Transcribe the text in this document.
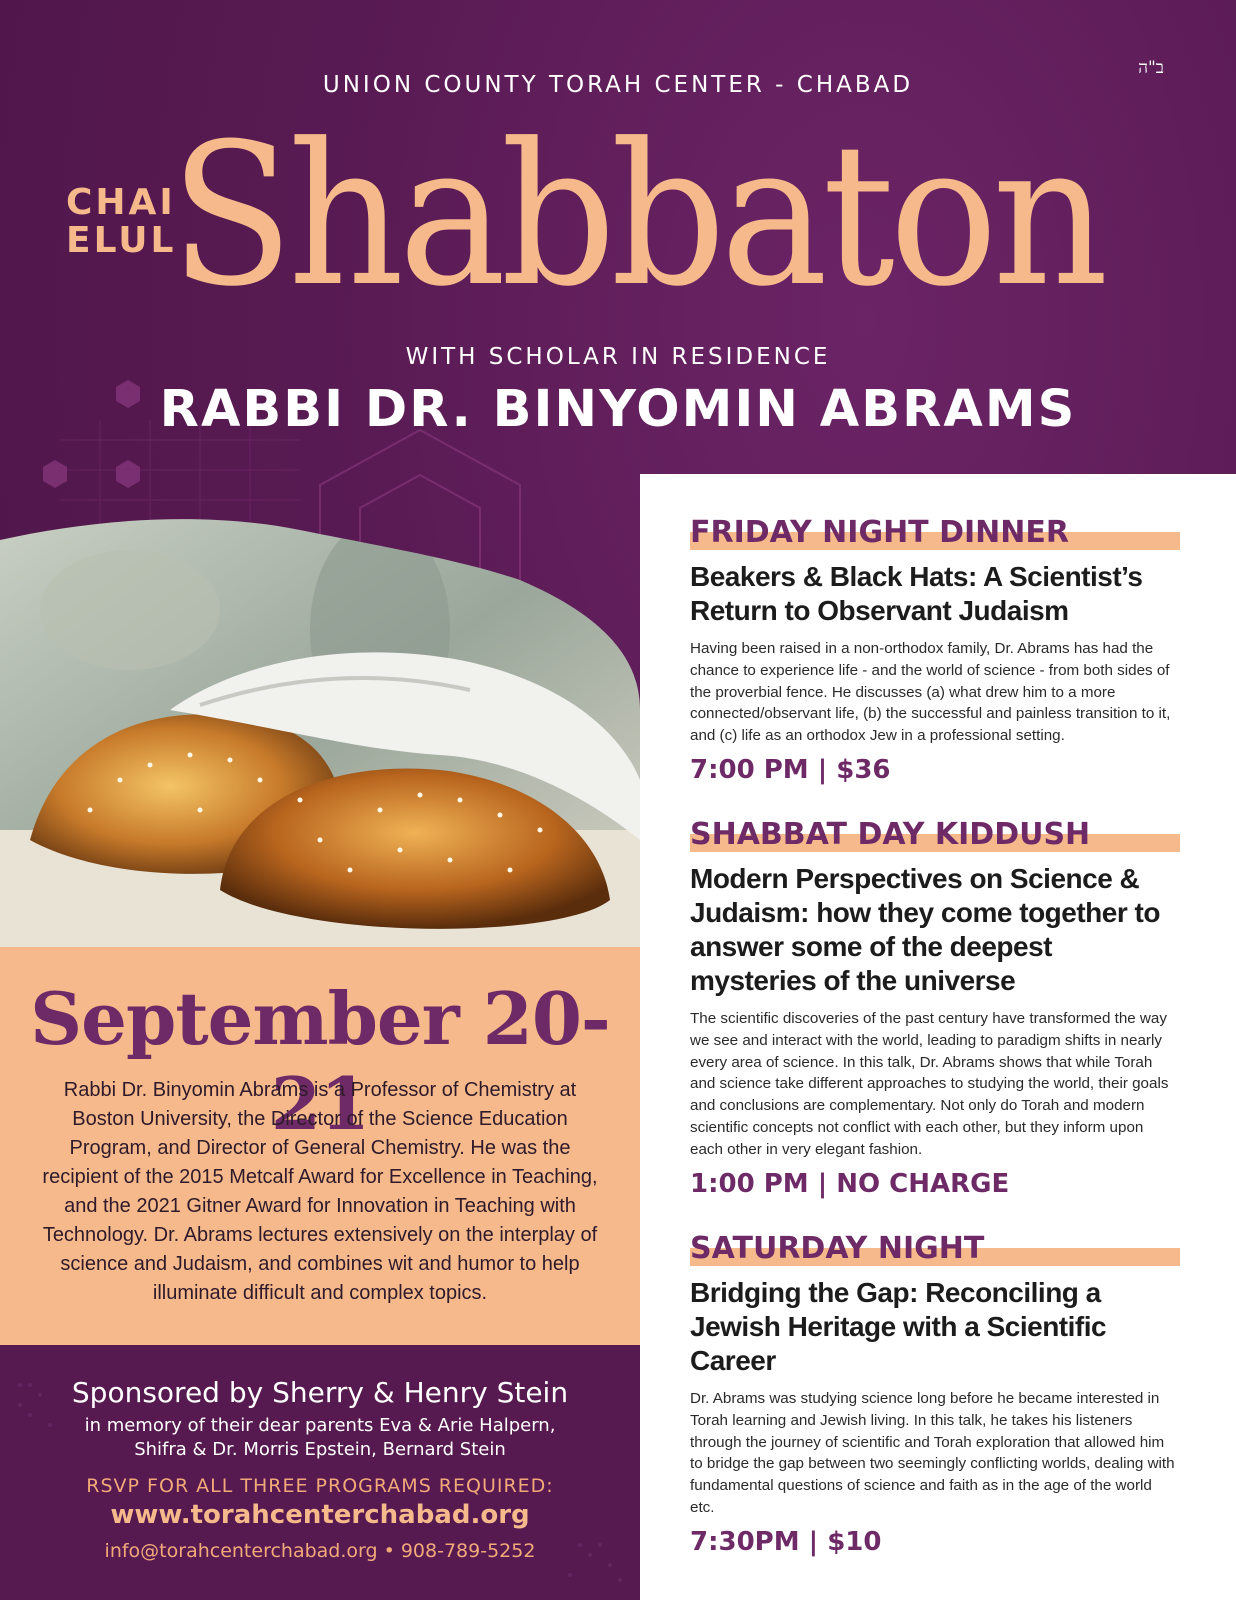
ב"ה
UNION COUNTY TORAH CENTER - CHABAD
CHAI
ELUL
Shabbaton
WITH SCHOLAR IN RESIDENCE
RABBI DR. BINYOMIN ABRAMS
September 20-21
Rabbi Dr. Binyomin Abrams is a Professor of Chemistry at Boston University, the Director of the Science Education Program, and Director of General Chemistry. He was the recipient of the 2015 Metcalf Award for Excellence in Teaching, and the 2021 Gitner Award for Innovation in Teaching with Technology. Dr. Abrams lectures extensively on the interplay of science and Judaism, and combines wit and humor to help illuminate difficult and complex topics.
Sponsored by Sherry & Henry Stein
in memory of their dear parents Eva & Arie Halpern,
Shifra & Dr. Morris Epstein, Bernard Stein
RSVP FOR ALL THREE PROGRAMS REQUIRED:
www.torahcenterchabad.org
info@torahcenterchabad.org • 908-789-5252
FRIDAY NIGHT DINNER
Beakers & Black Hats: A Scientist’s Return to Observant Judaism
Having been raised in a non-orthodox family, Dr. Abrams has had the chance to experience life - and the world of science - from both sides of the proverbial fence. He discusses (a) what drew him to a more connected/observant life, (b) the successful and painless transition to it, and (c) life as an orthodox Jew in a professional setting.
7:00 PM | $36
SHABBAT DAY KIDDUSH
Modern Perspectives on Science & Judaism: how they come together to answer some of the deepest mysteries of the universe
The scientific discoveries of the past century have transformed the way we see and interact with the world, leading to paradigm shifts in nearly every area of science. In this talk, Dr. Abrams shows that while Torah and science take different approaches to studying the world, their goals and conclusions are complementary. Not only do Torah and modern scientific concepts not conflict with each other, but they inform upon each other in very elegant fashion.
1:00 PM | NO CHARGE
SATURDAY NIGHT
Bridging the Gap: Reconciling a Jewish Heritage with a Scientific Career
Dr. Abrams was studying science long before he became interested in Torah learning and Jewish living. In this talk, he takes his listeners through the journey of scientific and Torah exploration that allowed him to bridge the gap between two seemingly conflicting worlds, dealing with fundamental questions of science and faith as in the age of the world etc.
7:30PM | $10
